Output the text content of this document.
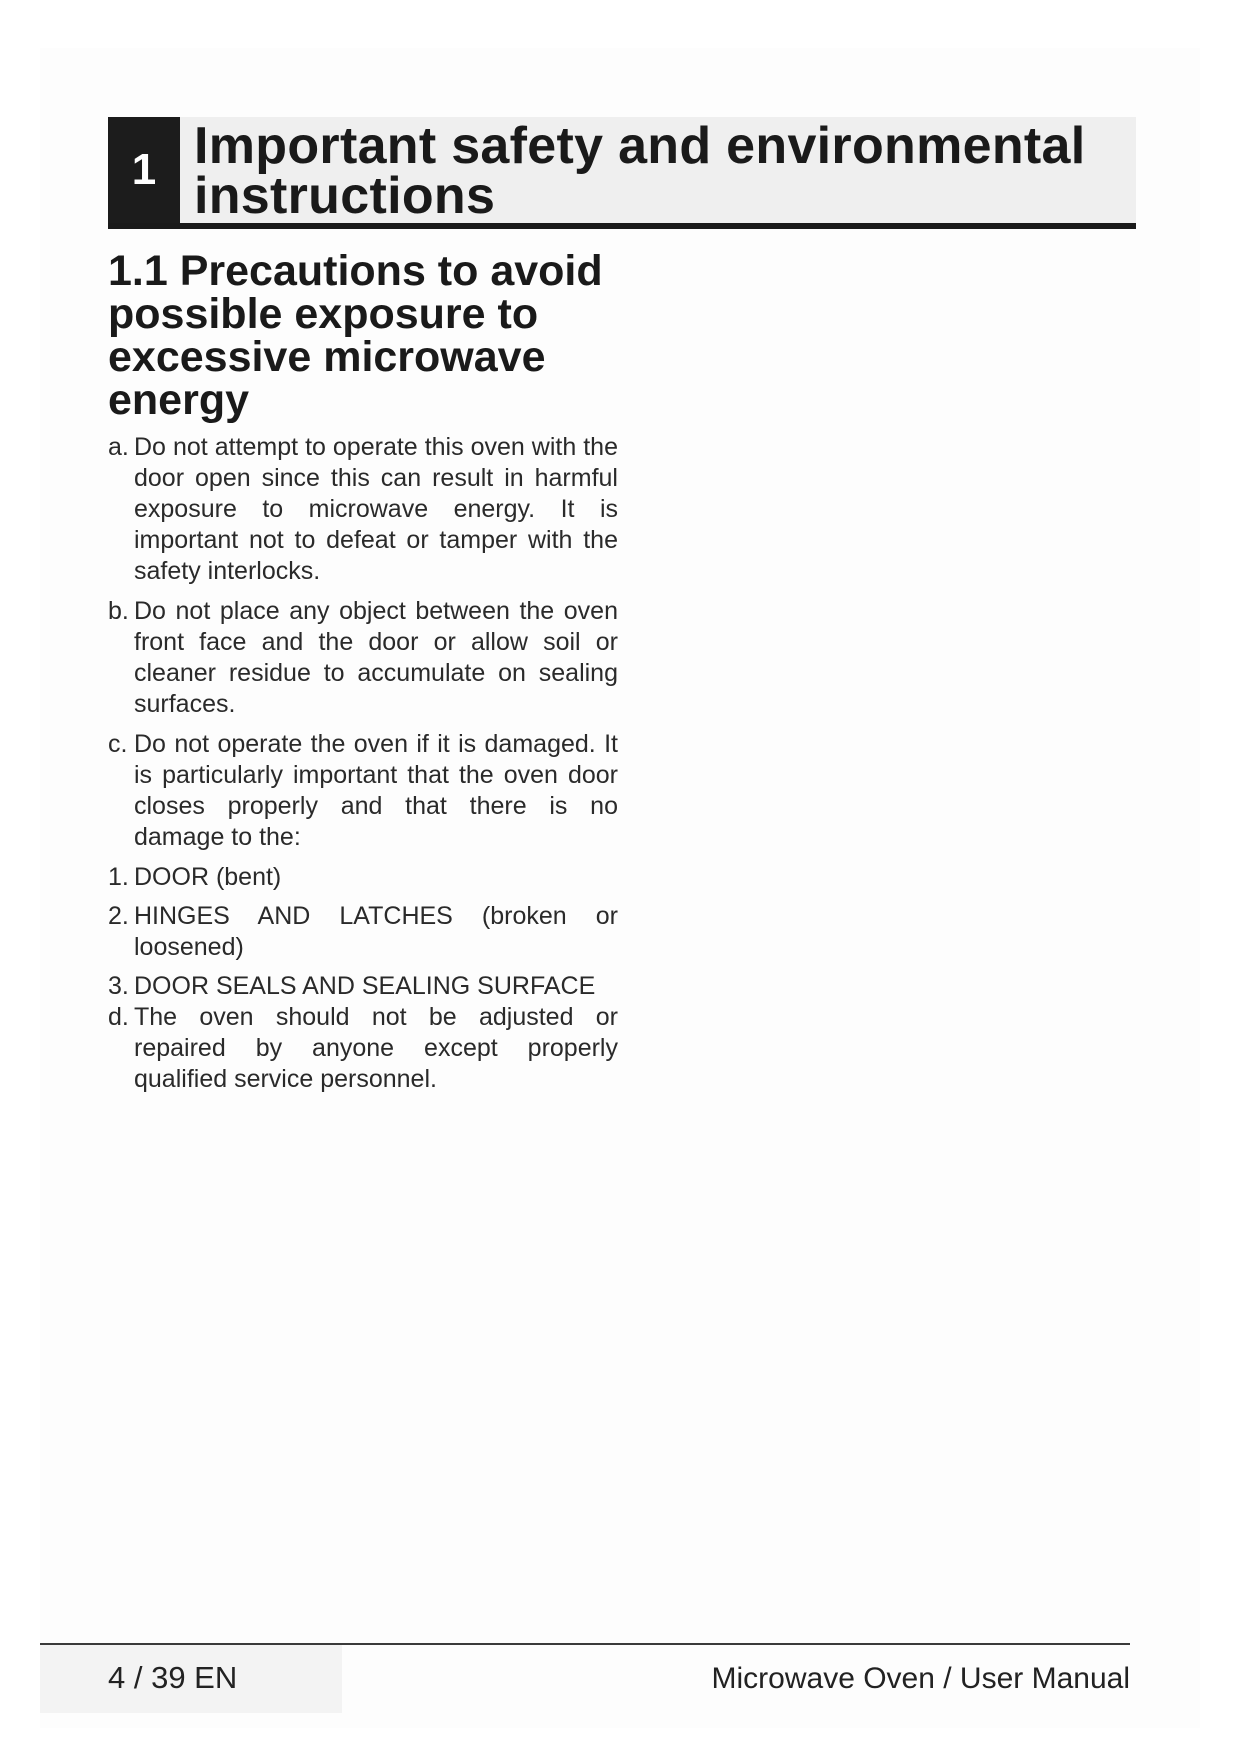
1 Important safety and environmental instructions
1.1 Precautions to avoid possible exposure to excessive microwave energy
a. Do not attempt to operate this oven with the door open since this can result in harmful exposure to microwave energy. It is important not to defeat or tamper with the safety interlocks.
b. Do not place any object between the oven front face and the door or allow soil or cleaner residue to accumulate on sealing surfaces.
c. Do not operate the oven if it is damaged. It is particularly important that the oven door closes properly and that there is no damage to the:
1. DOOR (bent)
2. HINGES AND LATCHES (broken or loosened)
3. DOOR SEALS AND SEALING SURFACE
d. The oven should not be adjusted or repaired by anyone except properly qualified service personnel.
4 / 39 EN	Microwave Oven / User Manual
